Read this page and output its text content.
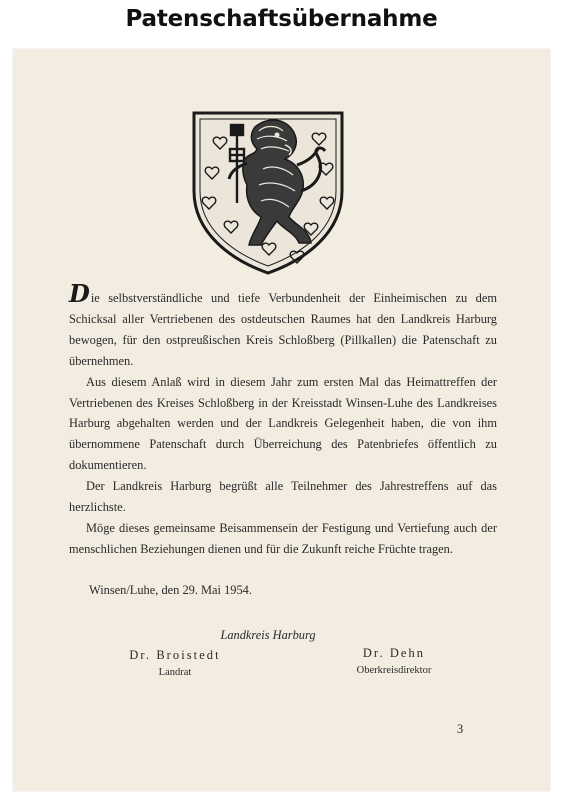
Patenschaftsübernahme

Die selbstverständliche und tiefe Verbundenheit der Einheimischen zu dem Schicksal aller Vertriebenen des ostdeutschen Raumes hat den Landkreis Harburg bewogen, für den ostpreußischen Kreis Schloßberg (Pillkallen) die Patenschaft zu übernehmen.

Aus diesem Anlaß wird in diesem Jahr zum ersten Mal das Heimattreffen der Vertriebenen des Kreises Schloßberg in der Kreisstadt Winsen-Luhe des Landkreises Harburg abgehalten werden und der Landkreis Gelegenheit haben, die von ihm übernommene Patenschaft durch Überreichung des Patenbriefes öffentlich zu dokumentieren.

Der Landkreis Harburg begrüßt alle Teilnehmer des Jahrestreffens auf das herzlichste.

Möge dieses gemeinsame Beisammensein der Festigung und Vertiefung auch der menschlichen Beziehungen dienen und für die Zukunft reiche Früchte tragen.

Winsen/Luhe, den 29. Mai 1954.
Landkreis Harburg
Dr. Broistedt
Landrat
Dr. Dehn
Oberkreisdirektor
3
